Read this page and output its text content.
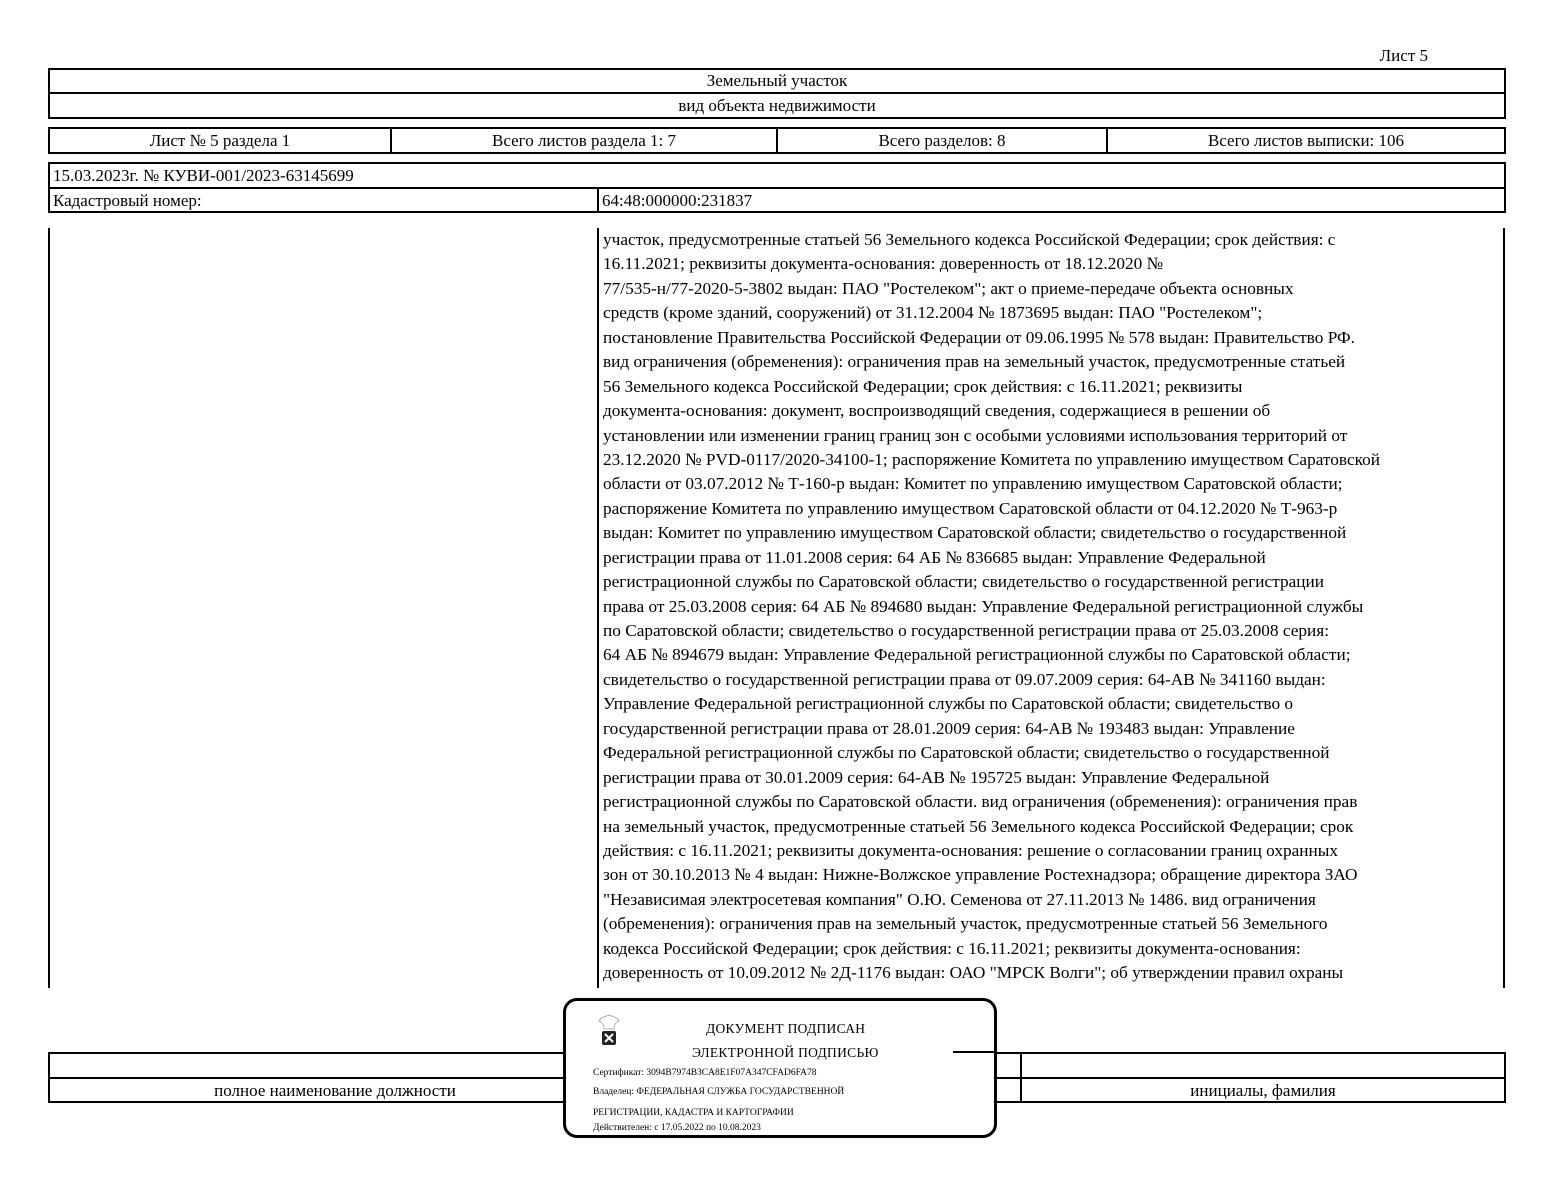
Лист 5
Земельный участок
вид объекта недвижимости
Лист № 5 раздела 1	Всего листов раздела 1: 7	Всего разделов: 8	Всего листов выписки: 106
15.03.2023г. № КУВИ-001/2023-63145699
Кадастровый номер:	64:48:000000:231837
участок, предусмотренные статьей 56 Земельного кодекса Российской Федерации; срок действия: с
16.11.2021; реквизиты документа-основания: доверенность от 18.12.2020 №
77/535-н/77-2020-5-3802 выдан: ПАО "Ростелеком"; акт о приеме-передаче объекта основных
средств (кроме зданий, сооружений) от 31.12.2004 № 1873695 выдан: ПАО "Ростелеком";
постановление Правительства Российской Федерации от 09.06.1995 № 578 выдан: Правительство РФ.
вид ограничения (обременения): ограничения прав на земельный участок, предусмотренные статьей
56 Земельного кодекса Российской Федерации; срок действия: с 16.11.2021; реквизиты
документа-основания: документ, воспроизводящий сведения, содержащиеся в решении об
установлении или изменении границ границ зон с особыми условиями использования территорий от
23.12.2020 № PVD-0117/2020-34100-1; распоряжение Комитета по управлению имуществом Саратовской
области от 03.07.2012 № Т-160-р выдан: Комитет по управлению имуществом Саратовской области;
распоряжение Комитета по управлению имуществом Саратовской области от 04.12.2020 № Т-963-р
выдан: Комитет по управлению имуществом Саратовской области; свидетельство о государственной
регистрации права от 11.01.2008 серия: 64 АБ № 836685 выдан: Управление Федеральной
регистрационной службы по Саратовской области; свидетельство о государственной регистрации
права от 25.03.2008 серия: 64 АБ № 894680 выдан: Управление Федеральной регистрационной службы
по Саратовской области; свидетельство о государственной регистрации права от 25.03.2008 серия:
64 АБ № 894679 выдан: Управление Федеральной регистрационной службы по Саратовской области;
свидетельство о государственной регистрации права от 09.07.2009 серия: 64-АВ № 341160 выдан:
Управление Федеральной регистрационной службы по Саратовской области; свидетельство о
государственной регистрации права от 28.01.2009 серия: 64-АВ № 193483 выдан: Управление
Федеральной регистрационной службы по Саратовской области; свидетельство о государственной
регистрации права от 30.01.2009 серия: 64-АВ № 195725 выдан: Управление Федеральной
регистрационной службы по Саратовской области. вид ограничения (обременения): ограничения прав
на земельный участок, предусмотренные статьей 56 Земельного кодекса Российской Федерации; срок
действия: с 16.11.2021; реквизиты документа-основания: решение о согласовании границ охранных
зон от 30.10.2013 № 4 выдан: Нижне-Волжское управление Ростехнадзора; обращение директора ЗАО
"Независимая электросетевая компания" О.Ю. Семенова от 27.11.2013 № 1486. вид ограничения
(обременения): ограничения прав на земельный участок, предусмотренные статьей 56 Земельного
кодекса Российской Федерации; срок действия: с 16.11.2021; реквизиты документа-основания:
доверенность от 10.09.2012 № 2Д-1176 выдан: ОАО "МРСК Волги"; об утверждении правил охраны
полное наименование должности	инициалы, фамилия
ДОКУМЕНТ ПОДПИСАН
ЭЛЕКТРОННОЙ ПОДПИСЬЮ
Сертификат: 3094B7974B3CA8E1F07A347CFAD6FA78
Владелец: ФЕДЕРАЛЬНАЯ СЛУЖБА ГОСУДАРСТВЕННОЙ
РЕГИСТРАЦИИ, КАДАСТРА И КАРТОГРАФИИ
Действителен: с 17.05.2022 по 10.08.2023
